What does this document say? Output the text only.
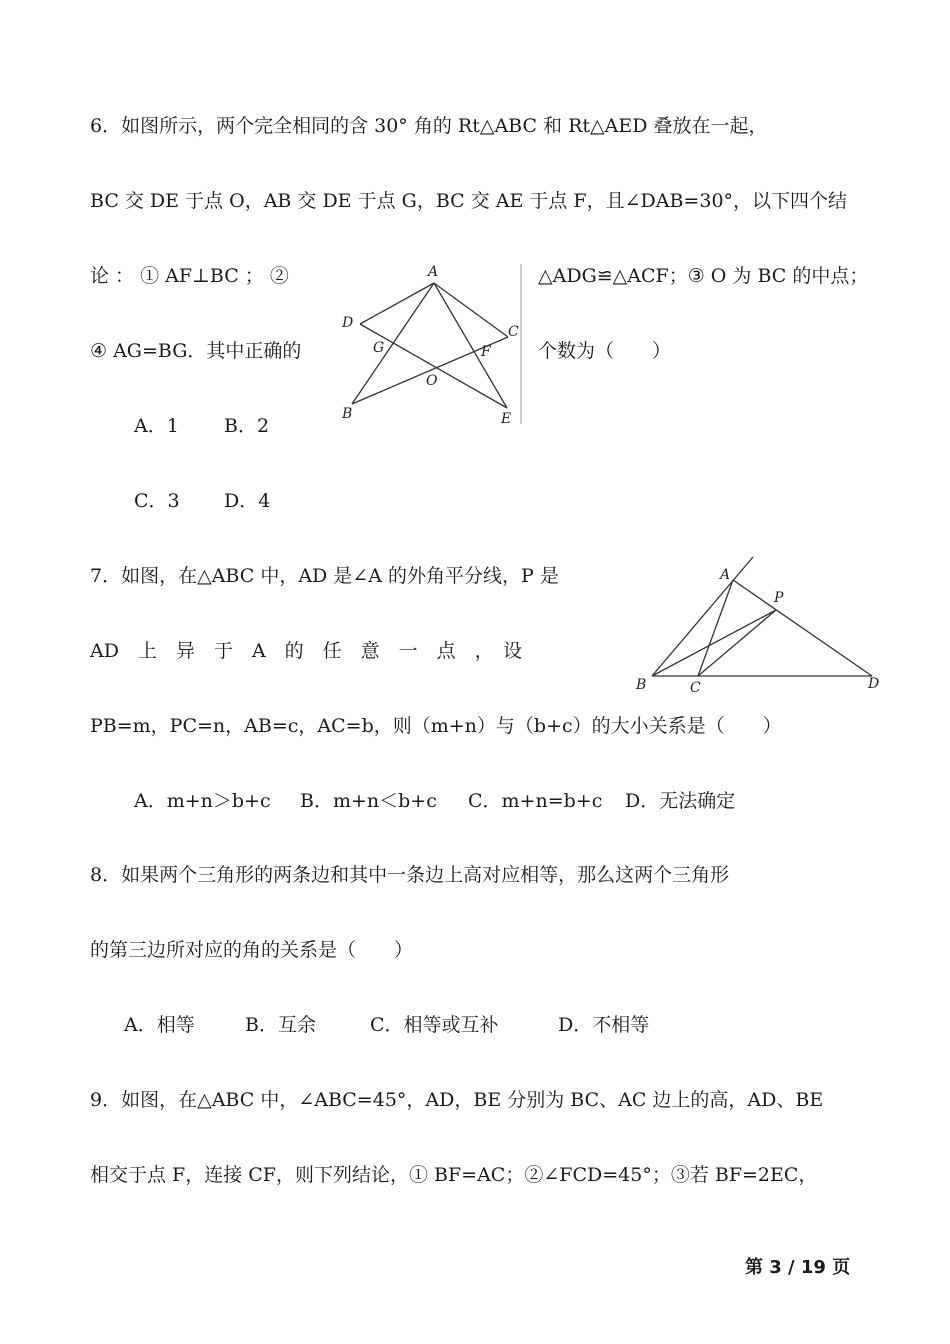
6．如图所示，两个完全相同的含 30° 角的 Rt△ABC 和 Rt△AED 叠放在一起，
BC 交 DE 于点 O，AB 交 DE 于点 G，BC 交 AE 于点 F，且∠DAB=30°，以下四个结
论 ： ① AF⊥BC ； ②	△ADG≌△ACF；③ O 为 BC 的中点；
④ AG=BG．其中正确的	个数为（　　）
A
B
C
D
E
F
G
O
A．1 B．2
C．3 D．4
7．如图，在△ABC 中，AD 是∠A 的外角平分线，P 是
AD　上　异　于　A　的　任　意　一　点　，　设
A
B	C	D
P
PB=m，PC=n，AB=c，AC=b，则（m+n）与（b+c）的大小关系是（　　）
A．m+n＞b+c B．m+n＜b+c C．m+n=b+c D．无法确定
8．如果两个三角形的两条边和其中一条边上高对应相等，那么这两个三角形
的第三边所对应的角的关系是（　　）
A．相等	B．互余	C．相等或互补	D．不相等
9．如图，在△ABC 中，∠ABC=45°，AD，BE 分别为 BC、AC 边上的高，AD、BE
相交于点 F，连接 CF，则下列结论，① BF=AC；②∠FCD=45°；③若 BF=2EC，
第 3 / 19 页
